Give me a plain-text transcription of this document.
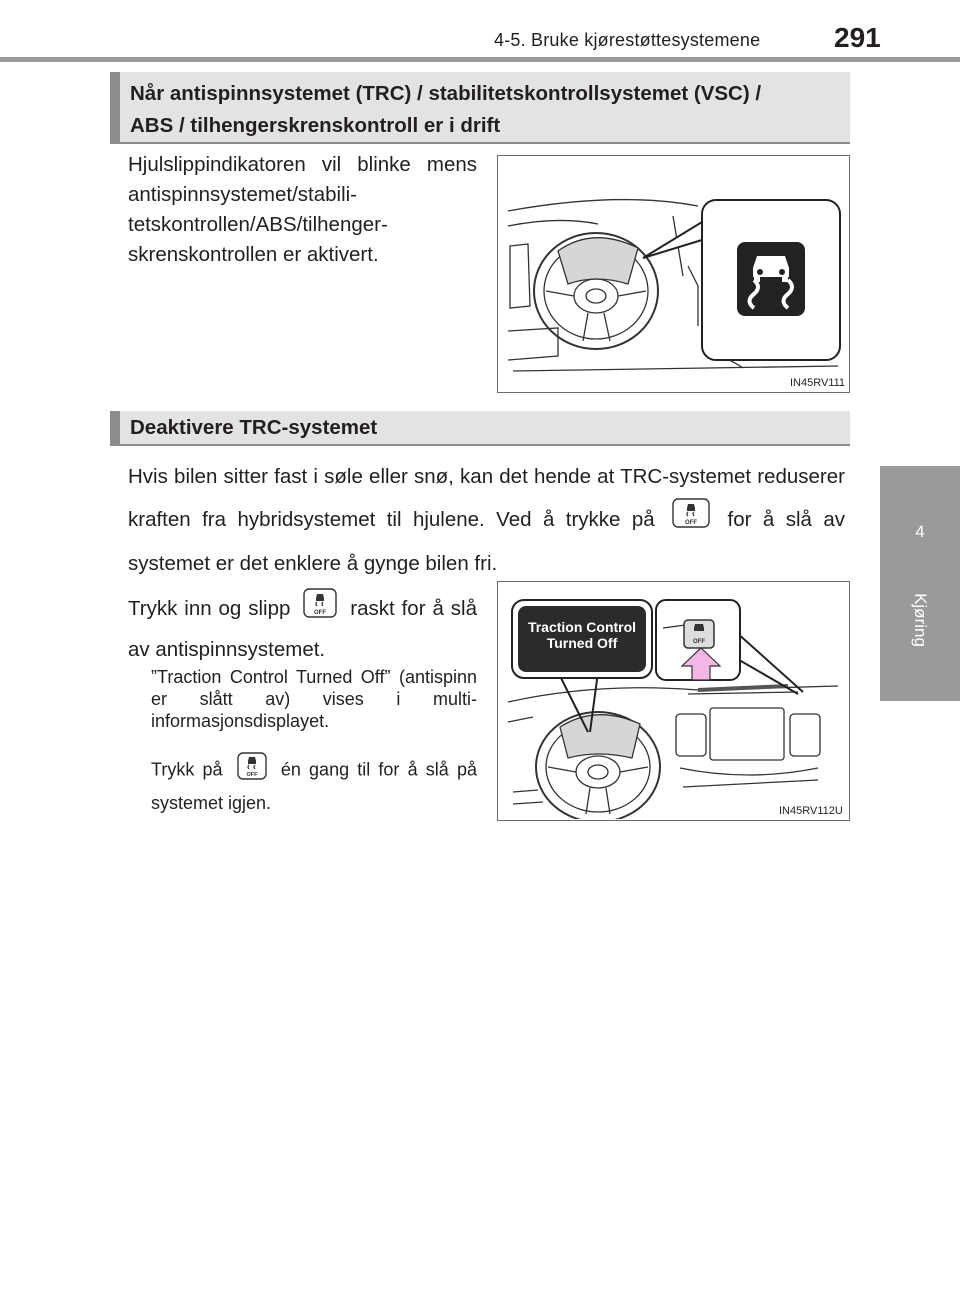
4-5. Bruke kjørestøttesystemene	291
4
Kjøring
Når antispinnsystemet (TRC) / stabilitetskontrollsystemet (VSC) /
ABS / tilhengerskrenskontroll er i drift
Hjulslippindikatoren vil blinke mens antispinnsystemet/stabili-tetskontrollen/ABS/tilhenger-skrenskontrollen er aktivert.
IN45RV111
Deaktivere TRC-systemet
Hvis bilen sitter fast i søle eller snø, kan det hende at TRC-systemet reduserer kraften fra hybridsystemet til hjulene. Ved å trykke på	OFF for å slå av systemet er det enklere å gynge bilen fri.
Trykk inn og slipp	OFF raskt for å slå av antispinnsystemet.
”Traction Control Turned Off” (antispinn er slått av) vises i multi-informasjonsdisplayet.
Trykk på	OFF én gang til for å slå på systemet igjen.
Traction Control
Turned Off	OFF
IN45RV112U
